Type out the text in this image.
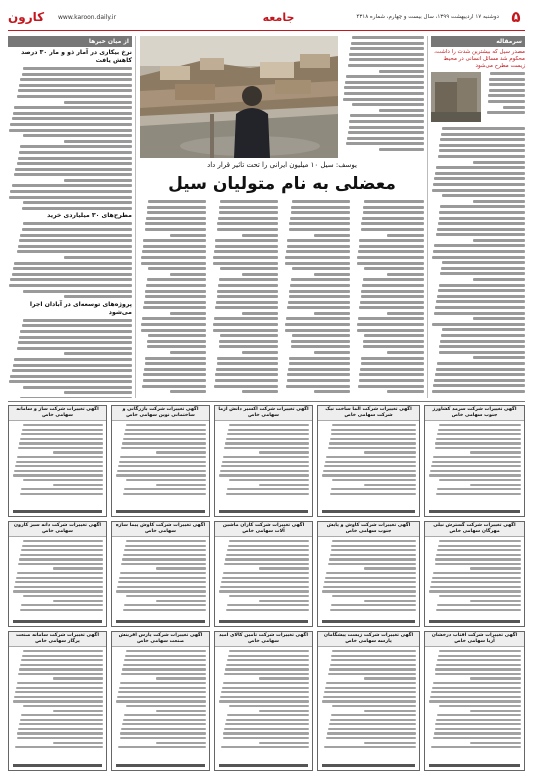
۵
دوشنبه ۱۷ اردیبهشت ۱۳۹۹، سال بیست و چهارم، شماره ۴۳۱۸
جامعه
www.karoon.daily.ir
کارون
از میان خبرها
نرخ بیکاری در آمار ذو و مار ۳۰ درصد کاهش یافت
مطرح‌های ۳۰ میلیاردی خرید
پروژه‌های توسعه‌ای در آبادان اجرا می‌شود
سرمقاله
مصدر سیل که بیشترین شدت را داشت، محکوم شد مسائل انسانی در محیط زیست مطرح می‌شود
یوسف: سیل ۱۰ میلیون ایرانی را تحت تاثیر قرار داد
معضلی به نام متولیان سیل
آگهی تغییرات شرکت ساز و سامانه سهامی خاص
آگهی تغییرات شرکت بازرگانی و ساختمانی نوین سهامی خاص
آگهی تغییرات شرکت اکسیر دانش آزما سهامی خاص
آگهی تغییرات شرکت آلما ساخت نیک شرکت سهامی خاص
آگهی تغییرات شرکت سرمد کشاورز جنوب سهامی خاص
آگهی تغییرات شرکت دانه سبز کارون سهامی خاص
آگهی تغییرات شرکت کاوش پیما سازه سهامی خاص
آگهی تغییرات شرکت کارآن ماشین آلات سهامی خاص
آگهی تغییرات شرکت کاوش و پایش جنوب سهامی خاص
آگهی تغییرات شرکت گسترش نیلی مهرگان سهامی خاص
آگهی تغییرات شرکت سامانه صنعت پرگار سهامی خاص
آگهی تغییرات شرکت پارس آفرینش صنعت سهامی خاص
آگهی تغییرات شرکت تامین کالای امید سهامی خاص
آگهی تغییرات شرکت زیست پیشگامان پارسه سهامی خاص
آگهی تغییرات شرکت آفتاب درخشان آریا سهامی خاص
